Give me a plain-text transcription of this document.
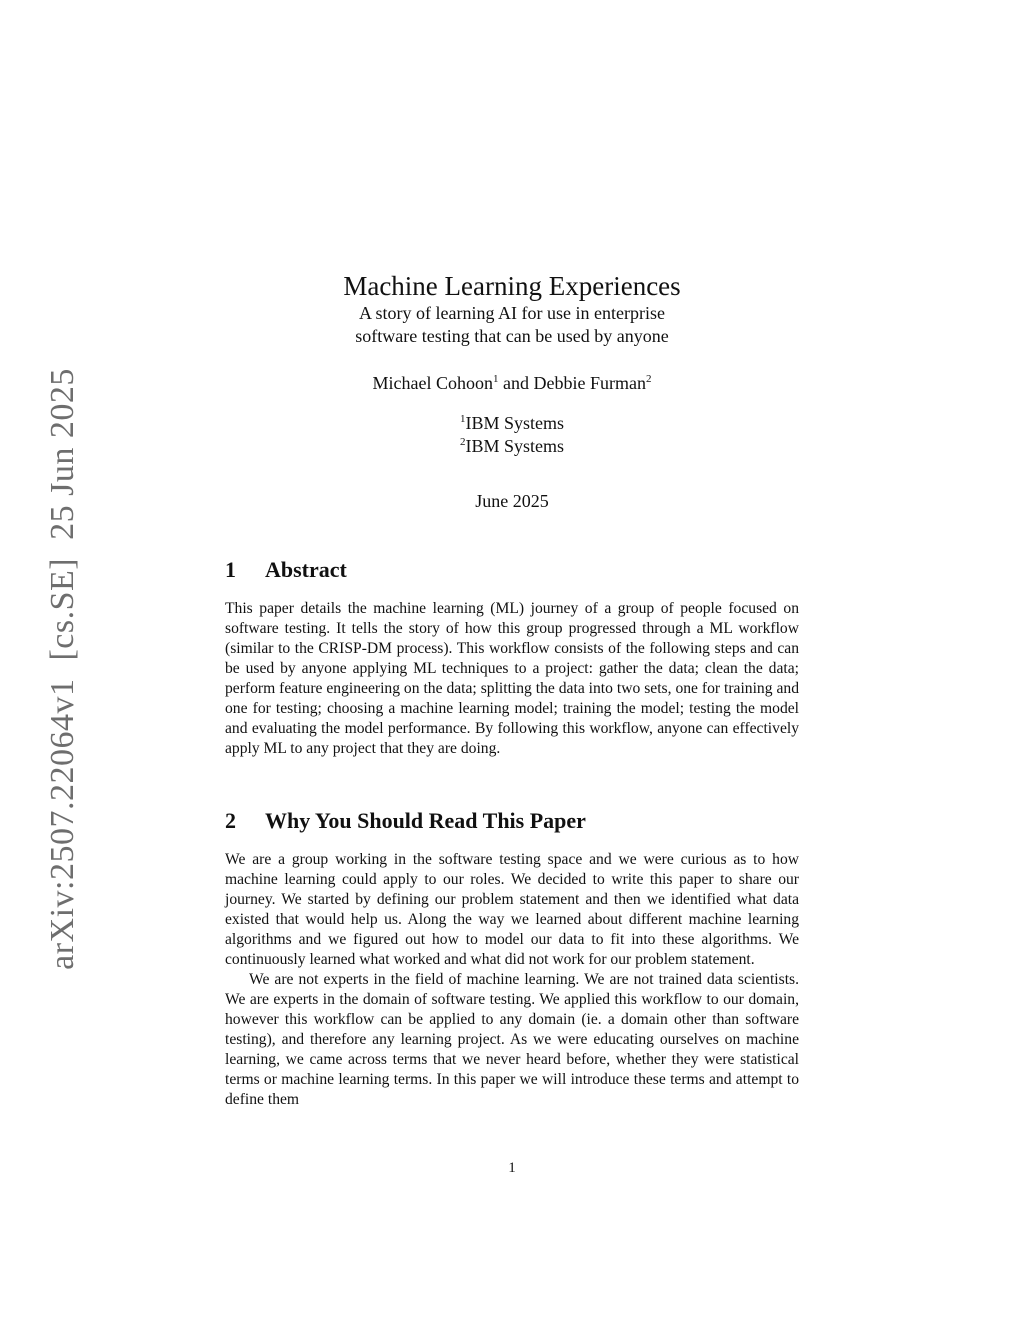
arXiv:2507.22064v1[cs.SE]25 Jun 2025
Machine Learning Experiences
A story of learning AI for use in enterprise
software testing that can be used by anyone
Michael Cohoon$^1$ and Debbie Furman$^2$
$^1$IBM Systems
$^2$IBM Systems
June 2025
1 Abstract

This paper details the machine learning (ML) journey of a group of people focused on software testing. It tells the story of how this group progressed through a ML workflow (similar to the CRISP-DM process). This workflow consists of the following steps and can be used by anyone applying ML techniques to a project: gather the data; clean the data; perform feature engineering on the data; splitting the data into two sets, one for training and one for testing; choosing a machine learning model; training the model; testing the model and evaluating the model performance. By following this workflow, anyone can effectively apply ML to any project that they are doing.

2 Why You Should Read This Paper

We are a group working in the software testing space and we were curious as to how machine learning could apply to our roles. We decided to write this paper to share our journey. We started by defining our problem statement and then we identified what data existed that would help us. Along the way we learned about different machine learning algorithms and we figured out how to model our data to fit into these algorithms. We continuously learned what worked and what did not work for our problem statement.

We are not experts in the field of machine learning. We are not trained data scientists. We are experts in the domain of software testing. We applied this workflow to our domain, however this workflow can be applied to any domain (ie. a domain other than software testing), and therefore any learning project. As we were educating ourselves on machine learning, we came across terms that we never heard before, whether they were statistical terms or machine learning terms. In this paper we will introduce these terms and attempt to define them

1
